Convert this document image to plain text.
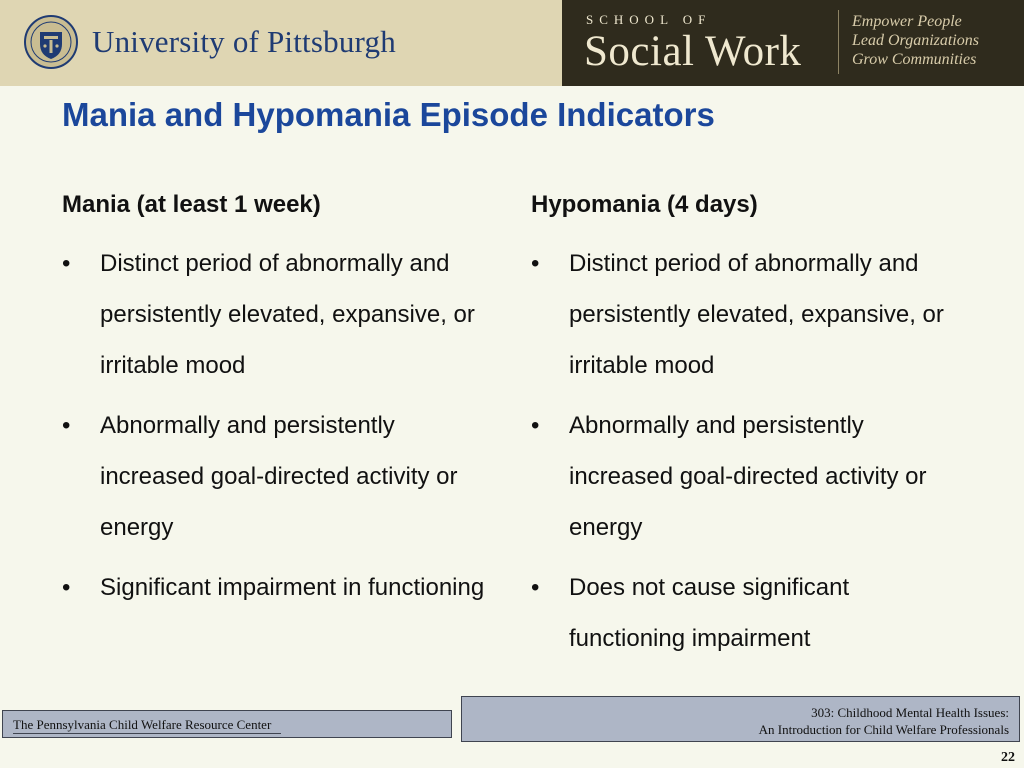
University of Pittsburgh
SCHOOL OF
Social Work
Empower People
Lead Organizations
Grow Communities
Mania and Hypomania Episode Indicators
Mania (at least 1 week)
•	Distinct period of abnormally and persistently elevated, expansive, or irritable mood
•	Abnormally and persistently increased goal-directed activity or energy
•	Significant impairment in functioning
Hypomania (4 days)
•	Distinct period of abnormally and persistently elevated, expansive, or irritable mood
•	Abnormally and persistently increased goal-directed activity or energy
•	Does not cause significant functioning impairment
The Pennsylvania Child Welfare Resource Center
303: Childhood Mental Health Issues:
An Introduction for Child Welfare Professionals
22
